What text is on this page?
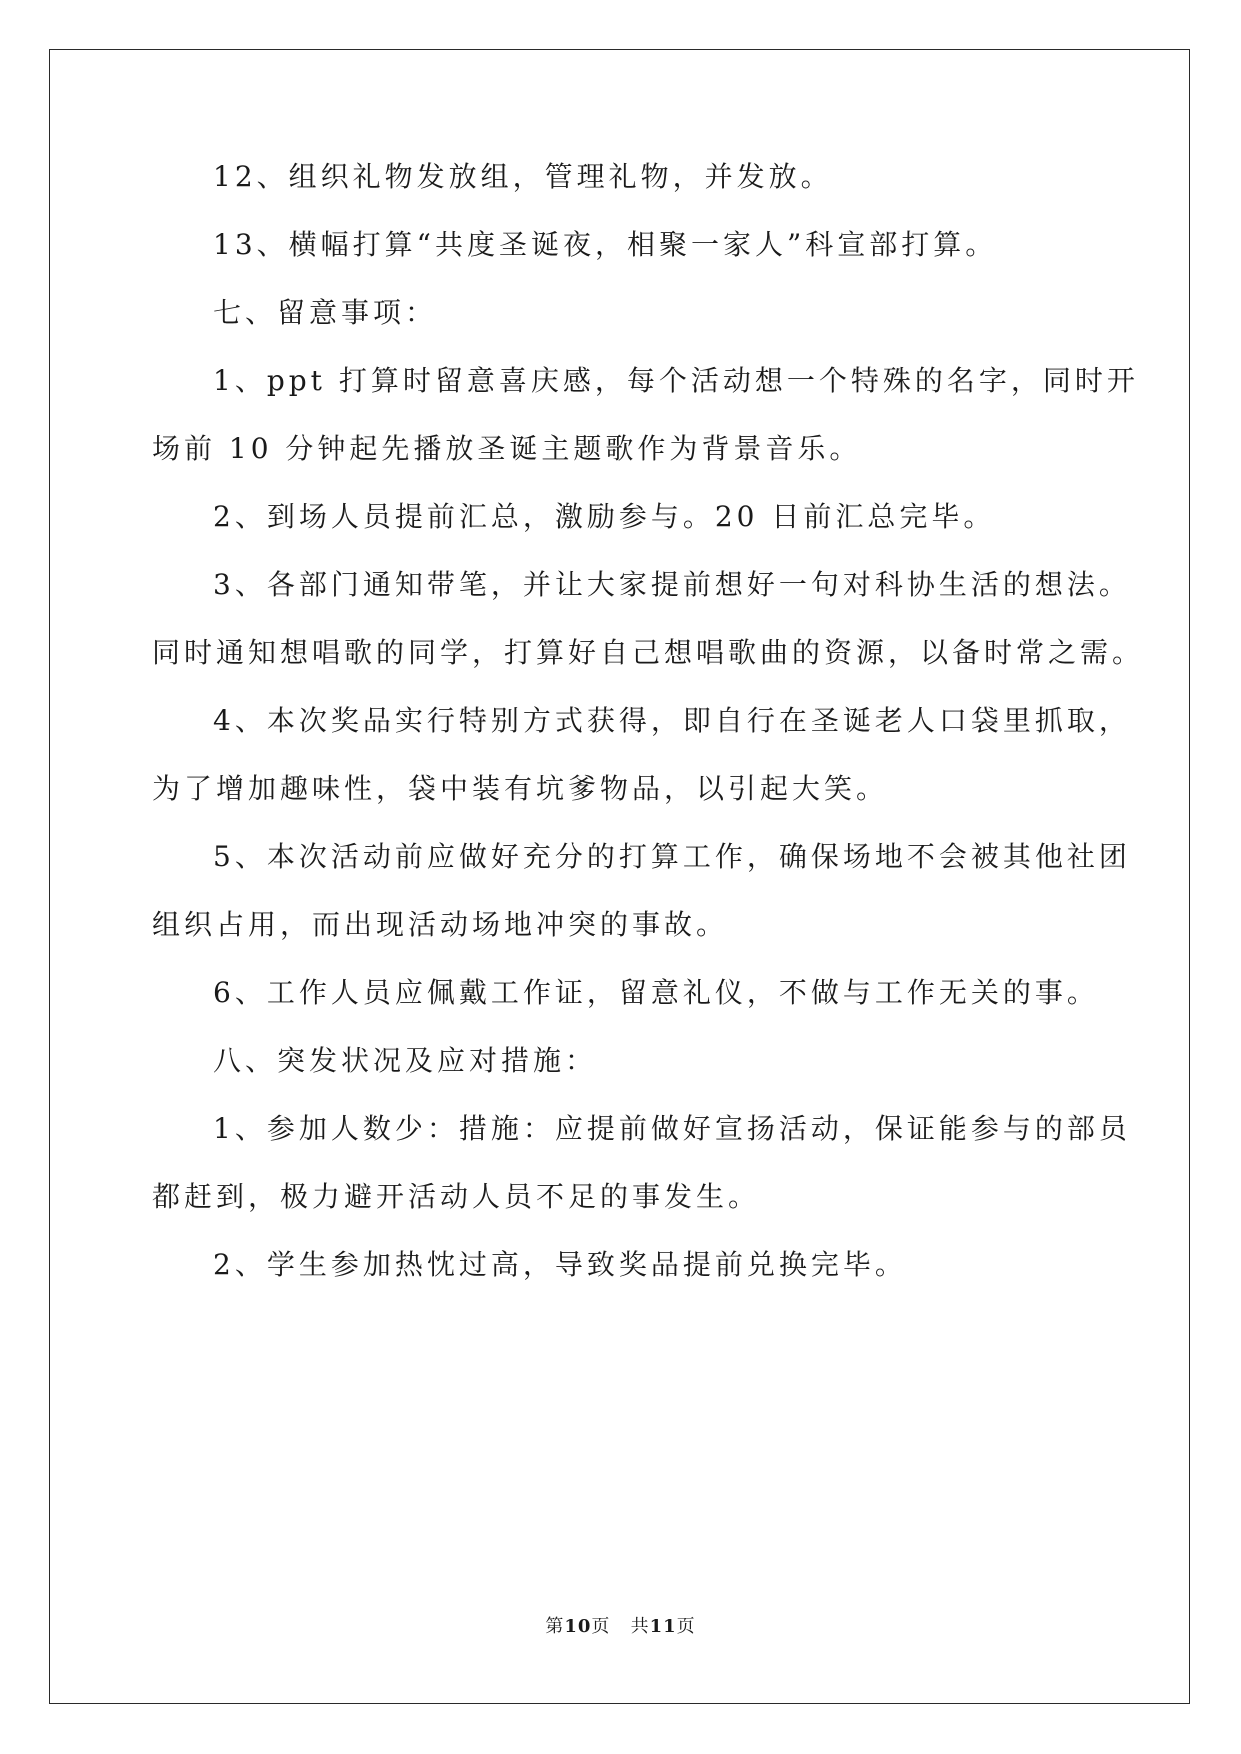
12、组织礼物发放组，管理礼物，并发放。
13、横幅打算“共度圣诞夜，相聚一家人”科宣部打算。
七、留意事项：
1、ppt 打算时留意喜庆感，每个活动想一个特殊的名字，同时开
场前 10 分钟起先播放圣诞主题歌作为背景音乐。
2、到场人员提前汇总，激励参与。20 日前汇总完毕。
3、各部门通知带笔，并让大家提前想好一句对科协生活的想法。
同时通知想唱歌的同学，打算好自己想唱歌曲的资源，以备时常之需。
4、本次奖品实行特别方式获得，即自行在圣诞老人口袋里抓取，
为了增加趣味性，袋中装有坑爹物品，以引起大笑。
5、本次活动前应做好充分的打算工作，确保场地不会被其他社团
组织占用，而出现活动场地冲突的事故。
6、工作人员应佩戴工作证，留意礼仪，不做与工作无关的事。
八、突发状况及应对措施：
1、参加人数少：措施：应提前做好宣扬活动，保证能参与的部员
都赶到，极力避开活动人员不足的事发生。
2、学生参加热忱过高，导致奖品提前兑换完毕。
第10页 共11页
